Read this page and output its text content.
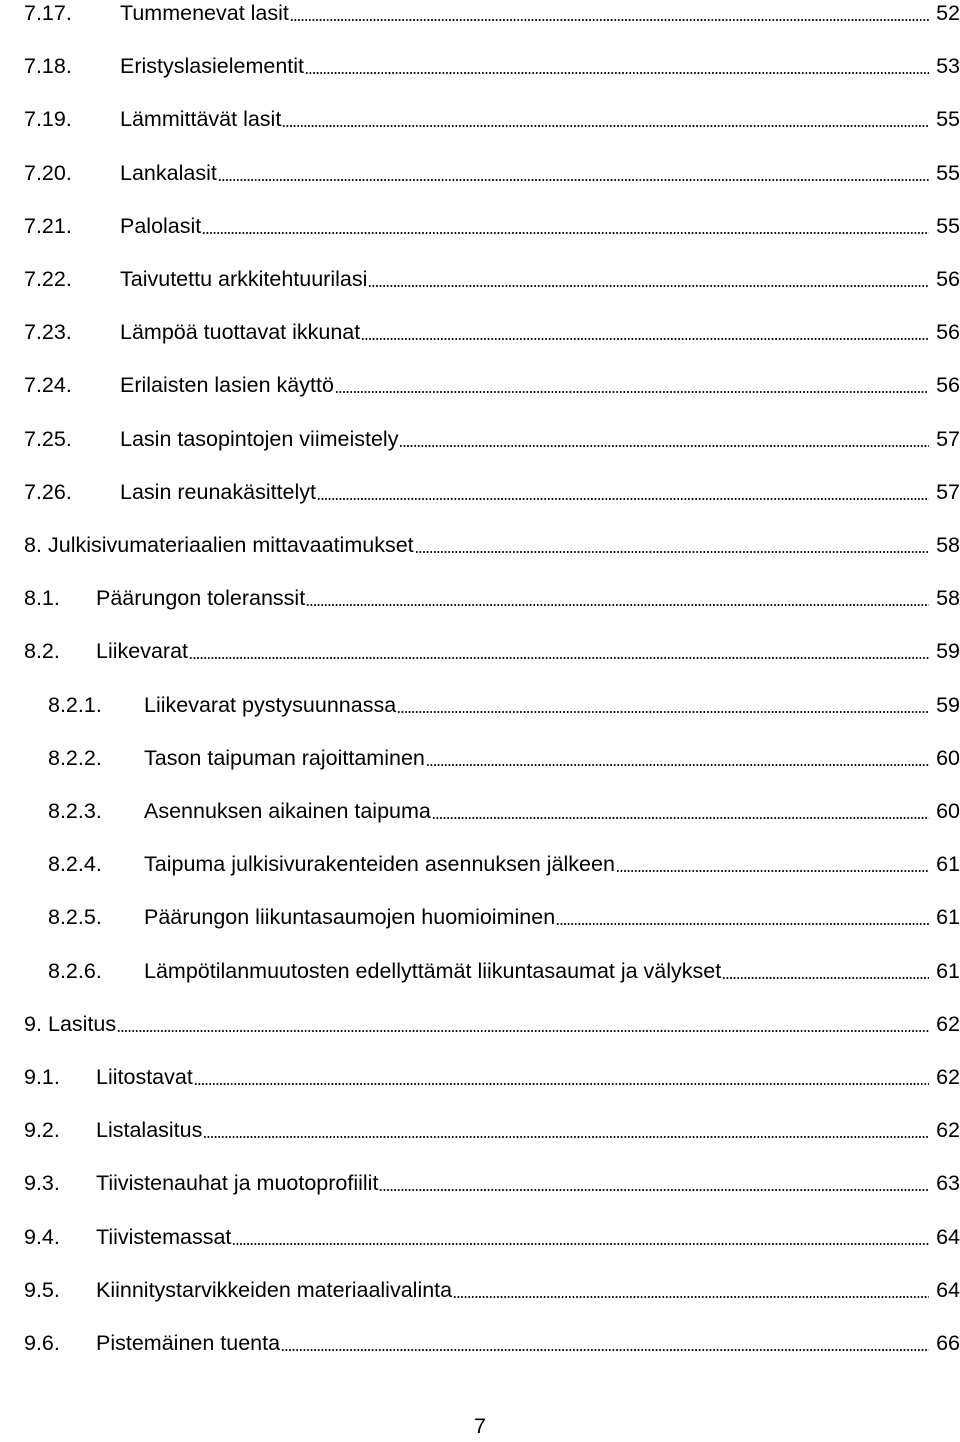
7.17. Tummenevat lasit	52
7.18. Eristyslasielementit	53
7.19. Lämmittävät lasit	55
7.20. Lankalasit	55
7.21. Palolasit	55
7.22. Taivutettu arkkitehtuurilasi	56
7.23. Lämpöä tuottavat ikkunat	56
7.24. Erilaisten lasien käyttö	56
7.25. Lasin tasopintojen viimeistely	57
7.26. Lasin reunakäsittelyt	57
8. Julkisivumateriaalien mittavaatimukset	58
8.1. Päärungon toleranssit	58
8.2. Liikevarat	59
8.2.1. Liikevarat pystysuunnassa	59
8.2.2. Tason taipuman rajoittaminen	60
8.2.3. Asennuksen aikainen taipuma	60
8.2.4. Taipuma julkisivurakenteiden asennuksen jälkeen	61
8.2.5. Päärungon liikuntasaumojen huomioiminen	61
8.2.6. Lämpötilanmuutosten edellyttämät liikuntasaumat ja välykset	61
9. Lasitus	62
9.1. Liitostavat	62
9.2. Listalasitus	62
9.3. Tiivistenauhat ja muotoprofiilit	63
9.4. Tiivistemassat	64
9.5. Kiinnitystarvikkeiden materiaalivalinta	64
9.6. Pistemäinen tuenta	66
7
